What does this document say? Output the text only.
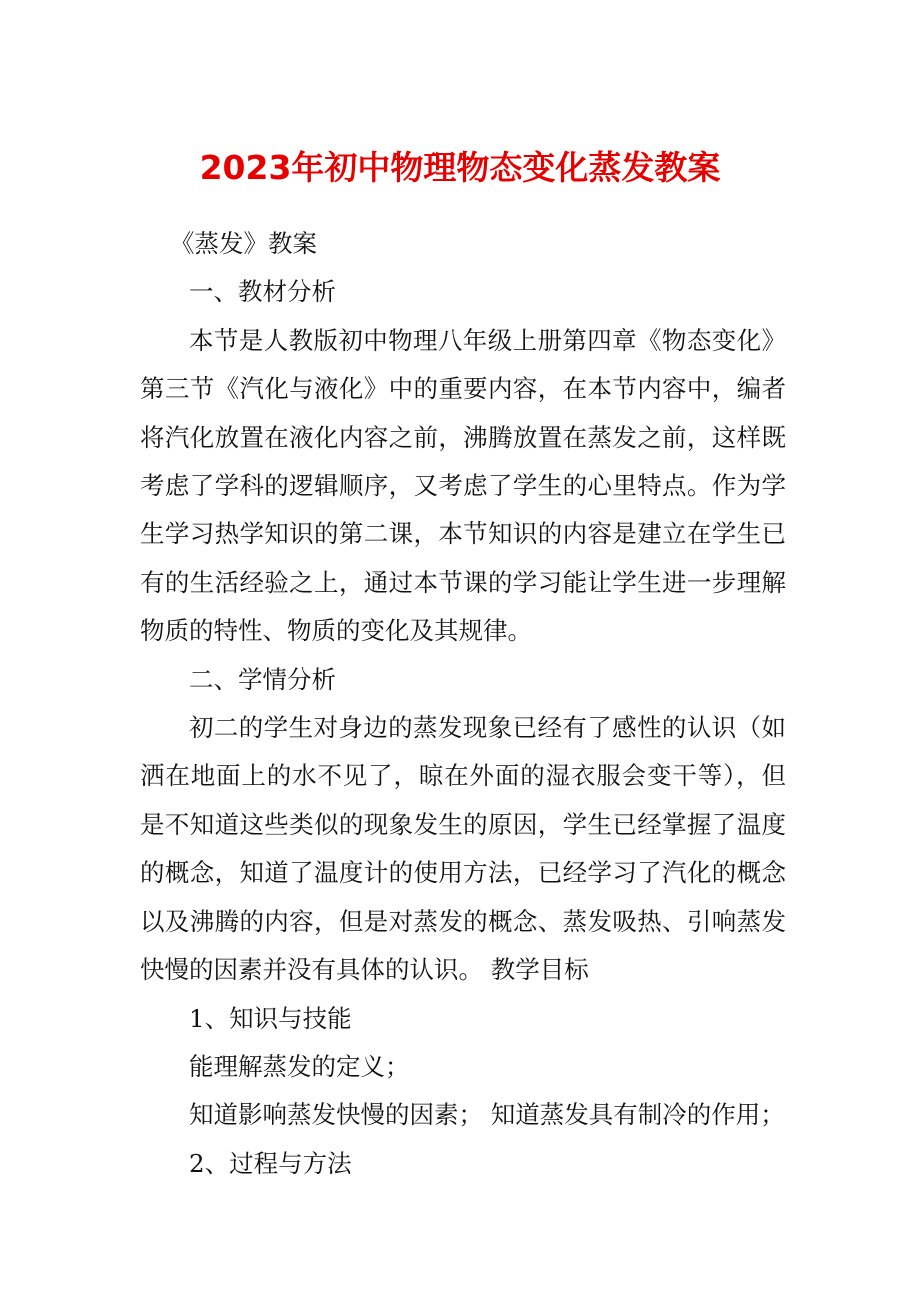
2023年初中物理物态变化蒸发教案

《蒸发》教案

一、教材分析

本节是人教版初中物理八年级上册第四章《物态变化》第三节《汽化与液化》中的重要内容，在本节内容中，编者将汽化放置在液化内容之前，沸腾放置在蒸发之前，这样既考虑了学科的逻辑顺序，又考虑了学生的心里特点。作为学生学习热学知识的第二课，本节知识的内容是建立在学生已有的生活经验之上，通过本节课的学习能让学生进一步理解物质的特性、物质的变化及其规律。

二、学情分析

初二的学生对身边的蒸发现象已经有了感性的认识（如洒在地面上的水不见了，晾在外面的湿衣服会变干等），但是不知道这些类似的现象发生的原因，学生已经掌握了温度的概念，知道了温度计的使用方法，已经学习了汽化的概念以及沸腾的内容，但是对蒸发的概念、蒸发吸热、引响蒸发快慢的因素并没有具体的认识。 教学目标

1、知识与技能

能理解蒸发的定义；

知道影响蒸发快慢的因素； 知道蒸发具有制冷的作用；

2、过程与方法
